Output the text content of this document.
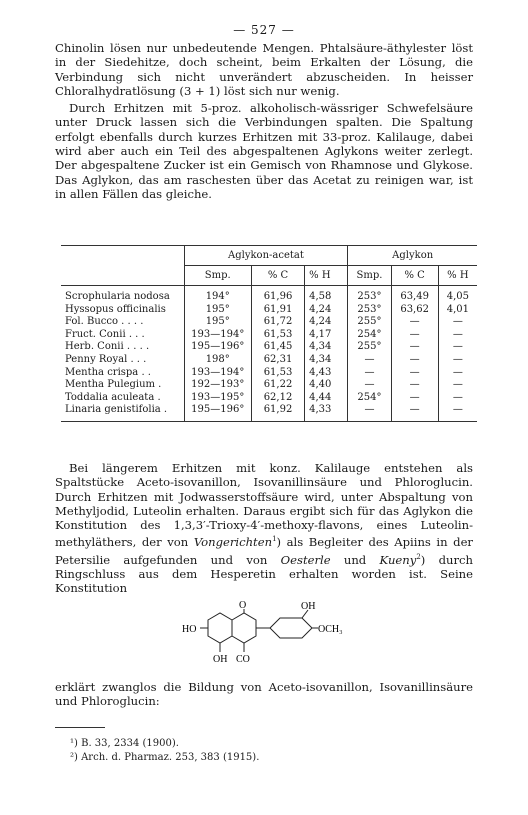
— 527 —

Chinolin lösen nur unbedeutende Mengen. Phtalsäure-äthylester löst in der Siedehitze, doch scheint, beim Erkalten der Lösung, die Verbindung sich nicht unverändert abzuscheiden. In heisser Chloralhydratlösung (3 + 1) löst sich nur wenig.

Durch Erhitzen mit 5-proz. alkoholisch-wässriger Schwefelsäure unter Druck lassen sich die Verbindungen spalten. Die Spaltung erfolgt ebenfalls durch kurzes Erhitzen mit 33-proz. Kalilauge, dabei wird aber auch ein Teil des abgespaltenen Aglykons weiter zerlegt. Der abgespaltene Zucker ist ein Gemisch von Rhamnose und Glykose. Das Aglykon, das am raschesten über das Acetat zu reinigen war, ist in allen Fällen das gleiche.

	Aglykon-acetat			Aglykon		
	Smp.	% C	% H	Smp.	% C	% H
Scrophularia nodosa	194°	61,96	4,58	253°	63,49	4,05
Hyssopus officinalis	195°	61,91	4,24	253°	63,62	4,01
Fol. Bucco . . . .	195°	61,72	4,24	255°	—	—
Fruct. Conii . . .	193—194°	61,53	4,17	254°	—	—
Herb. Conii . . . .	195—196°	61,45	4,34	255°	—	—
Penny Royal . . .	198°	62,31	4,34	—	—	—
Mentha crispa . .	193—194°	61,53	4,43	—	—	—
Mentha Pulegium .	192—193°	61,22	4,40	—	—	—
Toddalia aculeata .	193—195°	62,12	4,44	254°	—	—
Linaria genistifolia .	195—196°	61,92	4,33	—	—	—

Bei längerem Erhitzen mit konz. Kalilauge entstehen als Spaltstücke Aceto-isovanillon, Isovanillinsäure und Phloroglucin. Durch Erhitzen mit Jodwasserstoffsäure wird, unter Abspaltung von Methyljodid, Luteolin erhalten. Daraus ergibt sich für das Aglykon die Konstitution des 1,3,3′-Trioxy-4′-methoxy-flavons, eines Luteolin-methyläthers, der von Vongerichten$^1$) als Begleiter des Apiins in der Petersilie aufgefunden und von Oesterle und Kueny$^2$) durch Ringschluss aus dem Hesperetin erhalten worden ist. Seine Konstitution

O	OH
HO	OCH₃
OH CO

erklärt zwanglos die Bildung von Aceto-isovanillon, Isovanillinsäure und Phloroglucin:

¹) B. 33, 2334 (1900).
²) Arch. d. Pharmaz. 253, 383 (1915).
